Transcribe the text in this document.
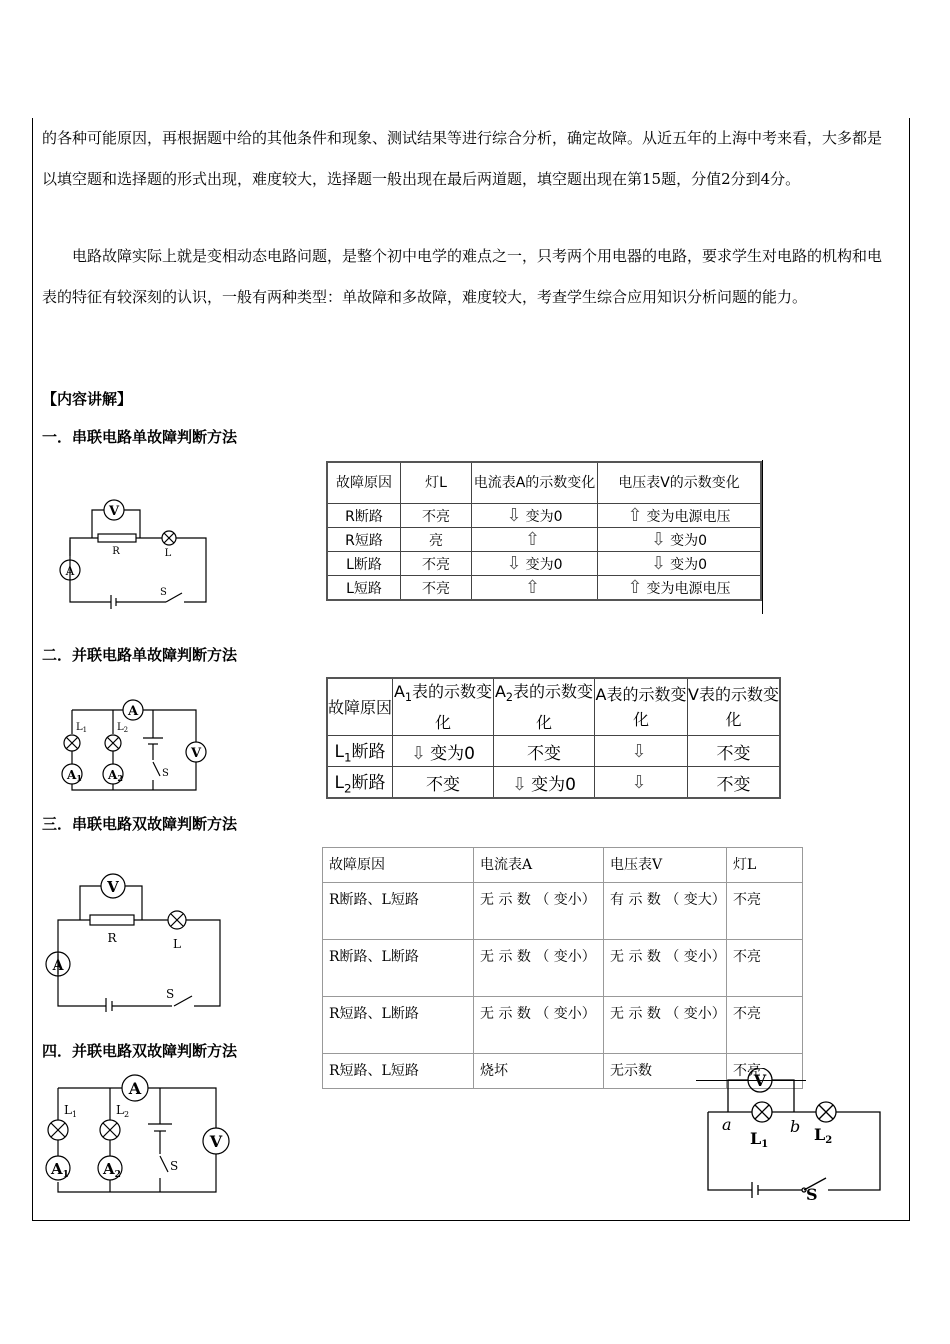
的各种可能原因，再根据题中给的其他条件和现象、测试结果等进行综合分析，确定故障。从近五年的上海中考来看，大多都是以填空题和选择题的形式出现，难度较大，选择题一般出现在最后两道题，填空题出现在第15题，分值2分到4分。

电路故障实际上就是变相动态电路问题，是整个初中电学的难点之一，只考两个用电器的电路，要求学生对电路的机构和电表的特征有较深刻的认识，一般有两种类型：单故障和多故障，难度较大，考查学生综合应用知识分析问题的能力。

【内容讲解】
一．串联电路单故障判断方法
二．并联电路单故障判断方法
三．串联电路双故障判断方法
四．并联电路双故障判断方法
V
A
R	L
S
故障原因	灯L	电流表A的示数变化	电压表V的示数变化
R断路	不亮	⇩ 变为0	⇧ 变为电源电压
R短路	亮	⇧	⇩ 变为0
L断路	不亮	⇩ 变为0	⇩ 变为0
L短路	不亮	⇧	⇧ 变为电源电压
A
V
$L_1$	$L_2$
A1 A2	S
故障原因	$A_1$表的示数变化	$A_2$表的示数变化	A表的示数变化	V表的示数变化
$L_1$断路	⇩ 变为0	不变	⇩	不变
$L_2$断路	不变	⇩ 变为0	⇩	不变
V
A
R	L
S
故障原因	电流表A	电压表V	灯L
R断路、L短路	无 示 数 （ 变小）	有 示 数 （ 变大）	不亮
R断路、L断路	无 示 数 （ 变小）	无 示 数 （ 变小）	不亮
R短路、L断路	无 示 数 （ 变小）	无 示 数 （ 变小）	不亮
R短路、L短路	烧坏	无示数	不亮
A
V
$L_1$	$L_2$
$A_1$ $A_2$
S
V
a	b
L1
L2
S
